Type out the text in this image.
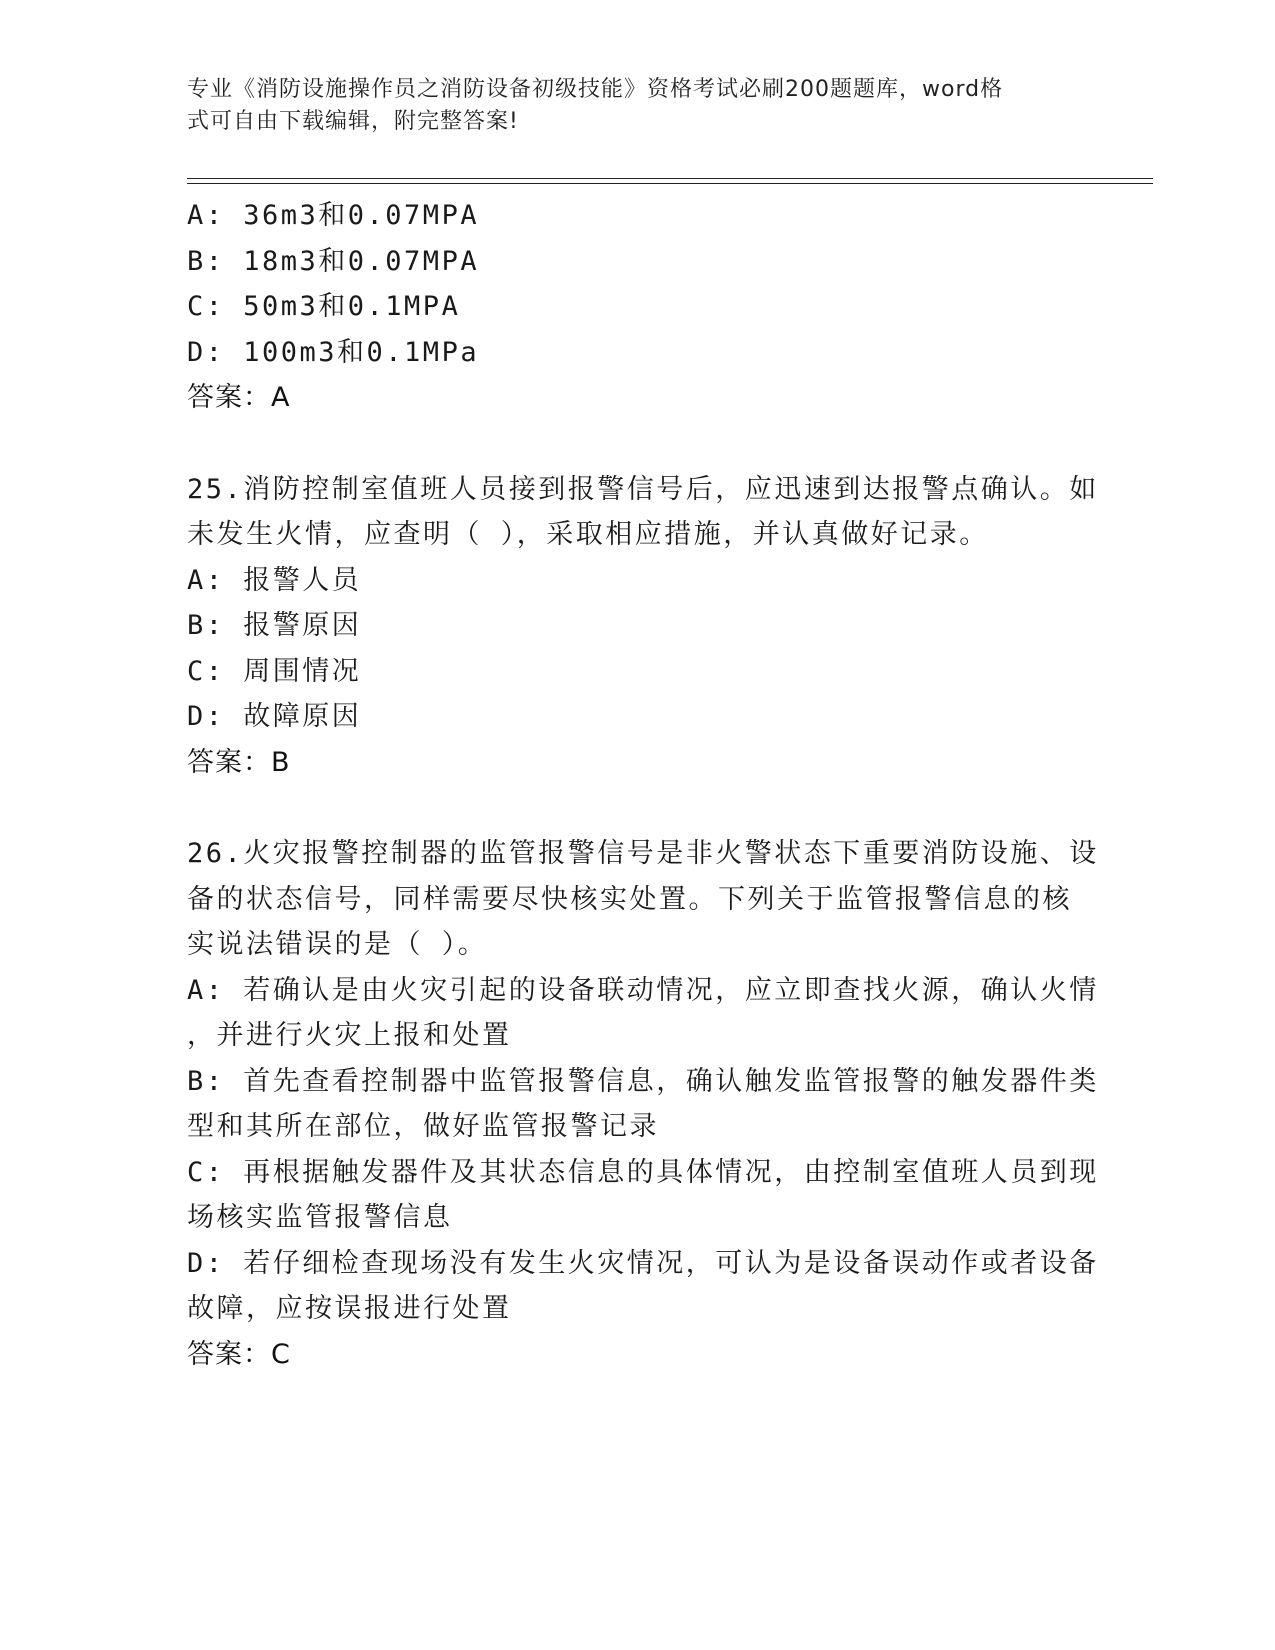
专业《消防设施操作员之消防设备初级技能》资格考试必刷200题题库，word格
式可自由下载编辑，附完整答案!
A: 36m3和0.07MPA
B: 18m3和0.07MPA
C: 50m3和0.1MPA
D: 100m3和0.1MPa
答案：A
25.消防控制室值班人员接到报警信号后，应迅速到达报警点确认。如
未发生火情，应查明（ ），采取相应措施，并认真做好记录。
A: 报警人员
B: 报警原因
C: 周围情况
D: 故障原因
答案：B
26.火灾报警控制器的监管报警信号是非火警状态下重要消防设施、设
备的状态信号，同样需要尽快核实处置。下列关于监管报警信息的核
实说法错误的是（ ）。
A: 若确认是由火灾引起的设备联动情况，应立即查找火源，确认火情
，并进行火灾上报和处置
B: 首先查看控制器中监管报警信息，确认触发监管报警的触发器件类
型和其所在部位，做好监管报警记录
C: 再根据触发器件及其状态信息的具体情况，由控制室值班人员到现
场核实监管报警信息
D: 若仔细检查现场没有发生火灾情况，可认为是设备误动作或者设备
故障，应按误报进行处置
答案：C
